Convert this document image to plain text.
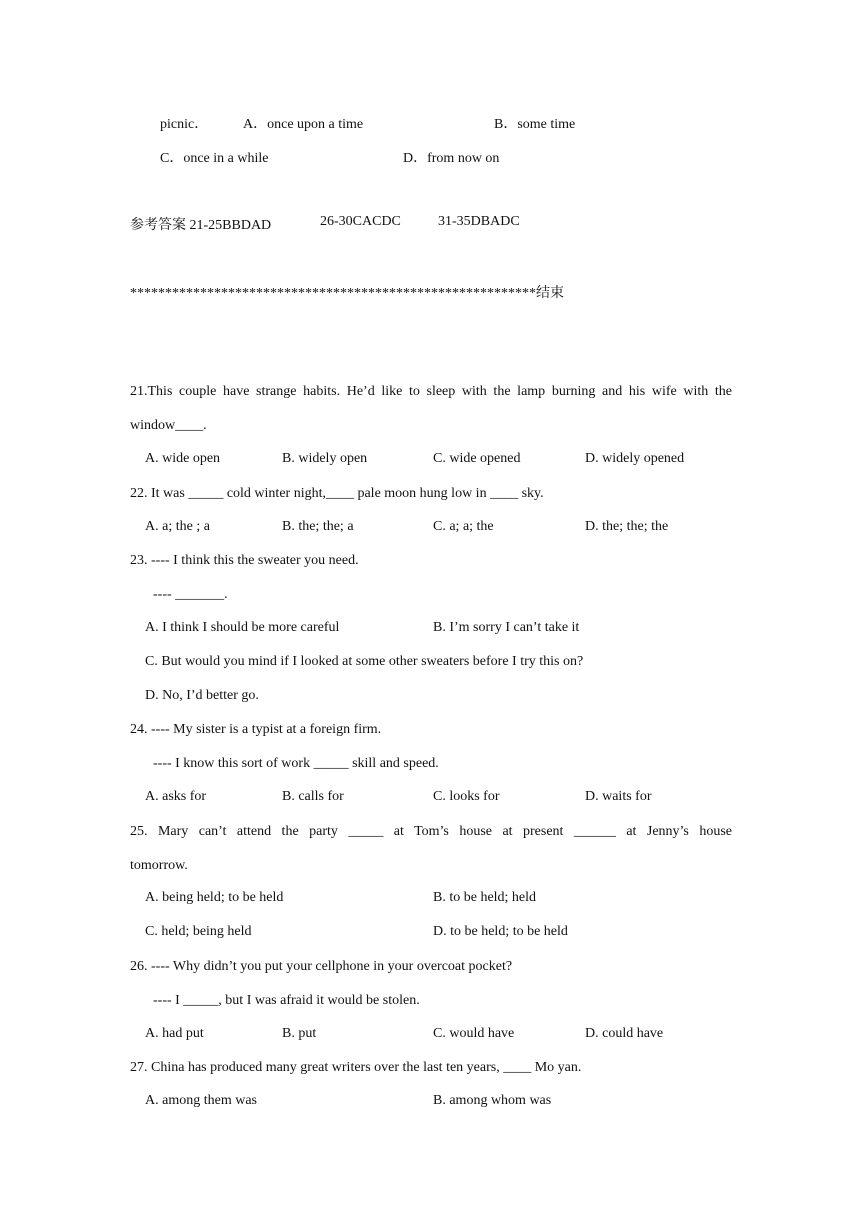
picnic． A．once upon a time	B．some time
C．once in a while	D．from now on
参考答案 21-25BBDAD	26-30CACDC	31-35DBADC
**********************************************************结束
21.This couple have strange habits. He’d like to sleep with the lamp burning and his wife with the
window____.
A. wide open	B. widely open	C. wide opened	D. widely opened
22. It was _____ cold winter night,____ pale moon hung low in ____ sky.
A. a; the ; a	B. the; the; a	C. a; a; the	D. the; the; the
23. ---- I think this the sweater you need.
---- _______.
A. I think I should be more careful	B. I’m sorry I can’t take it
C. But would you mind if I looked at some other sweaters before I try this on?
D. No, I’d better go.
24. ---- My sister is a typist at a foreign firm.
---- I know this sort of work _____ skill and speed.
A. asks for	B. calls for	C. looks for	D. waits for
25. Mary can’t attend the party _____ at Tom’s house at present ______ at Jenny’s house
tomorrow.
A. being held; to be held	B. to be held; held
C. held; being held	D. to be held; to be held
26. ---- Why didn’t you put your cellphone in your overcoat pocket?
---- I _____, but I was afraid it would be stolen.
A. had put	B. put	C. would have	D. could have
27. China has produced many great writers over the last ten years, ____ Mo yan.
A. among them was	B. among whom was
